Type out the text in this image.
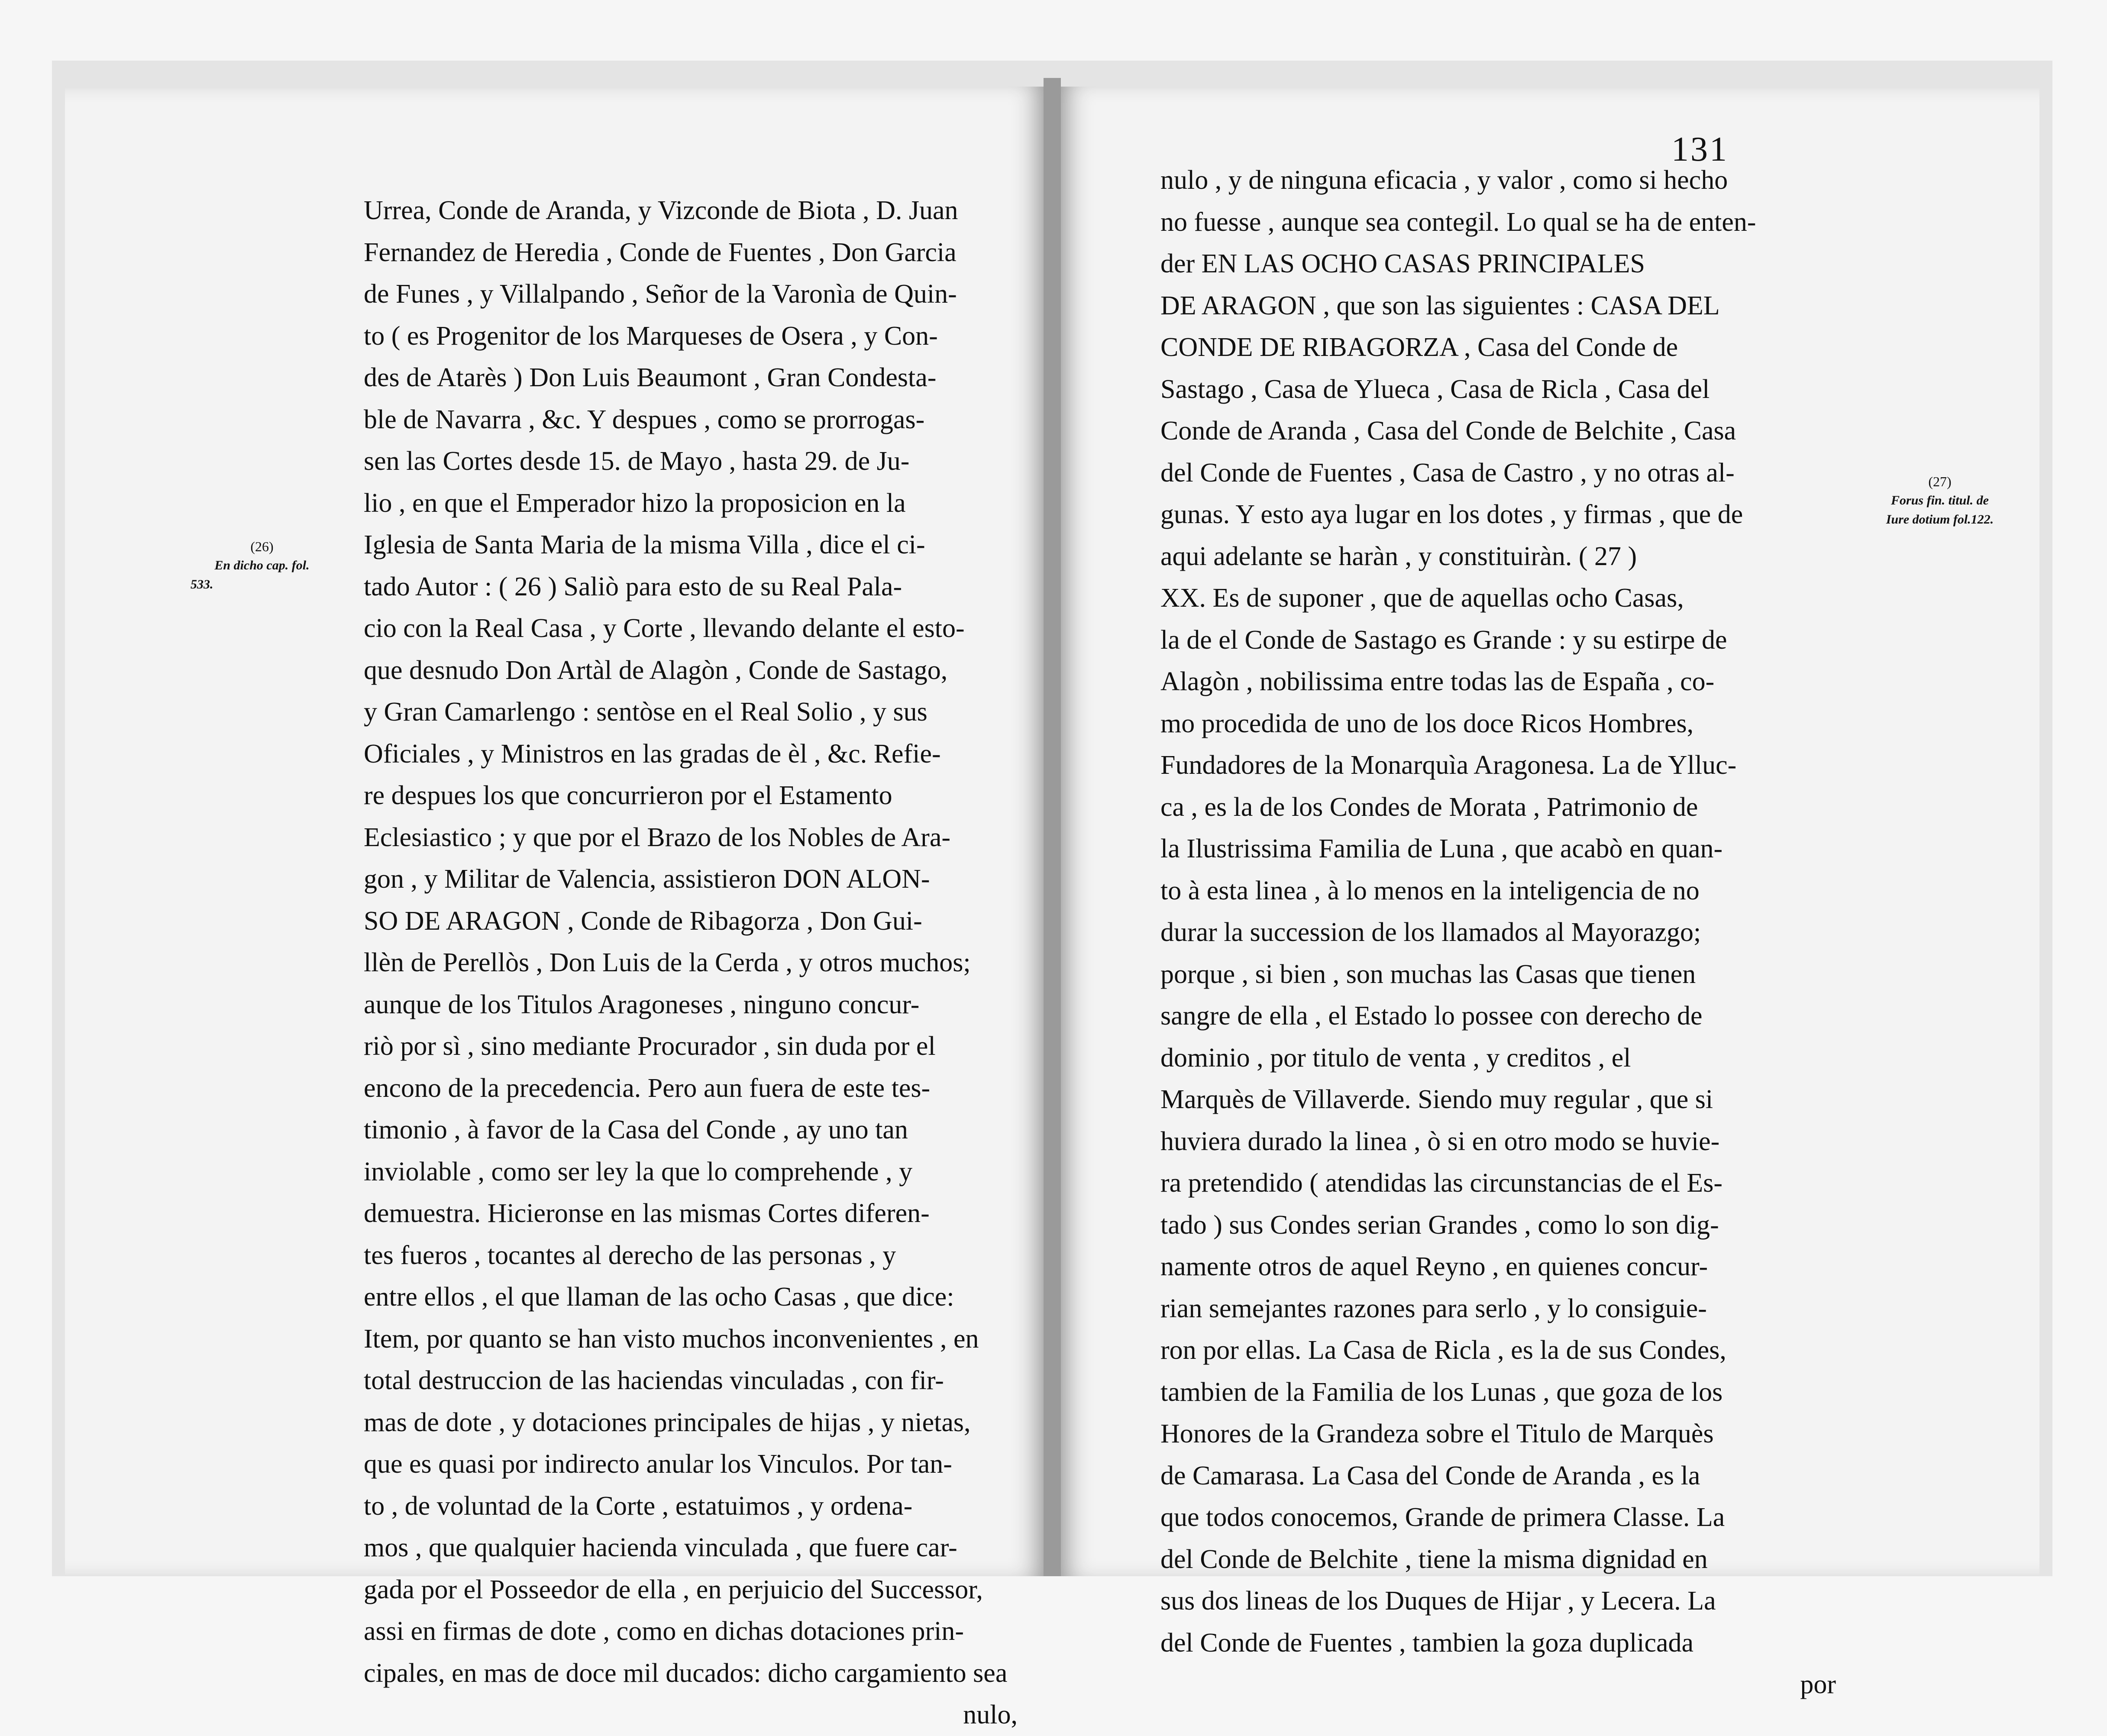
Urrea, Conde de Aranda, y Vizconde de Biota , D. Juan
Fernandez de Heredia , Conde de Fuentes , Don Garcia
de Funes , y Villalpando , Señor de la Varonìa de Quin-
to ( es Progenitor de los Marqueses de Osera , y Con-
des de Atarès ) Don Luis Beaumont , Gran Condesta-
ble de Navarra , &c. Y despues , como se prorrogas-
sen las Cortes desde 15. de Mayo , hasta 29. de Ju-
lio , en que el Emperador hizo la proposicion en la
Iglesia de Santa Maria de la misma Villa , dice el ci-
tado Autor : ( 26 ) Saliò para esto de su Real Pala-
cio con la Real Casa , y Corte , llevando delante el esto-
que desnudo Don Artàl de Alagòn , Conde de Sastago,
y Gran Camarlengo : sentòse en el Real Solio , y sus
Oficiales , y Ministros en las gradas de èl , &c. Refie-
re despues los que concurrieron por el Estamento
Eclesiastico ; y que por el Brazo de los Nobles de Ara-
gon , y Militar de Valencia, assistieron DON ALON-
SO DE ARAGON , Conde de Ribagorza , Don Gui-
llèn de Perellòs , Don Luis de la Cerda , y otros muchos;
aunque de los Titulos Aragoneses , ninguno concur-
riò por sì , sino mediante Procurador , sin duda por el
encono de la precedencia. Pero aun fuera de este tes-
timonio , à favor de la Casa del Conde , ay uno tan
inviolable , como ser ley la que lo comprehende , y
demuestra. Hicieronse en las mismas Cortes diferen-
tes fueros , tocantes al derecho de las personas , y
entre ellos , el que llaman de las ocho Casas , que dice:
Item, por quanto se han visto muchos inconvenientes , en
total destruccion de las haciendas vinculadas , con fir-
mas de dote , y dotaciones principales de hijas , y nietas,
que es quasi por indirecto anular los Vinculos. Por tan-
to , de voluntad de la Corte , estatuimos , y ordena-
mos , que qualquier hacienda vinculada , que fuere car-
gada por el Posseedor de ella , en perjuicio del Successor,
assi en firmas de dote , como en dichas dotaciones prin-
cipales, en mas de doce mil ducados: dicho cargamiento sea
nulo,
(26)
En dicho cap. fol.
533.
131
nulo , y de ninguna eficacia , y valor , como si hecho
no fuesse , aunque sea contegil. Lo qual se ha de enten-
der EN LAS OCHO CASAS PRINCIPALES
DE ARAGON , que son las siguientes : CASA DEL
CONDE DE RIBAGORZA , Casa del Conde de
Sastago , Casa de Ylueca , Casa de Ricla , Casa del
Conde de Aranda , Casa del Conde de Belchite , Casa
del Conde de Fuentes , Casa de Castro , y no otras al-
gunas. Y esto aya lugar en los dotes , y firmas , que de
aqui adelante se haràn , y constituiràn. ( 27 )
XX. Es de suponer , que de aquellas ocho Casas,
la de el Conde de Sastago es Grande : y su estirpe de
Alagòn , nobilissima entre todas las de España , co-
mo procedida de uno de los doce Ricos Hombres,
Fundadores de la Monarquìa Aragonesa. La de Ylluc-
ca , es la de los Condes de Morata , Patrimonio de
la Ilustrissima Familia de Luna , que acabò en quan-
to à esta linea , à lo menos en la inteligencia de no
durar la succession de los llamados al Mayorazgo;
porque , si bien , son muchas las Casas que tienen
sangre de ella , el Estado lo possee con derecho de
dominio , por titulo de venta , y creditos , el
Marquès de Villaverde. Siendo muy regular , que si
huviera durado la linea , ò si en otro modo se huvie-
ra pretendido ( atendidas las circunstancias de el Es-
tado ) sus Condes serian Grandes , como lo son dig-
namente otros de aquel Reyno , en quienes concur-
rian semejantes razones para serlo , y lo consiguie-
ron por ellas. La Casa de Ricla , es la de sus Condes,
tambien de la Familia de los Lunas , que goza de los
Honores de la Grandeza sobre el Titulo de Marquès
de Camarasa. La Casa del Conde de Aranda , es la
que todos conocemos, Grande de primera Classe. La
del Conde de Belchite , tiene la misma dignidad en
sus dos lineas de los Duques de Hijar , y Lecera. La
del Conde de Fuentes , tambien la goza duplicada
por
(27)
Forus fin. titul. de
Iure dotium fol.122.
